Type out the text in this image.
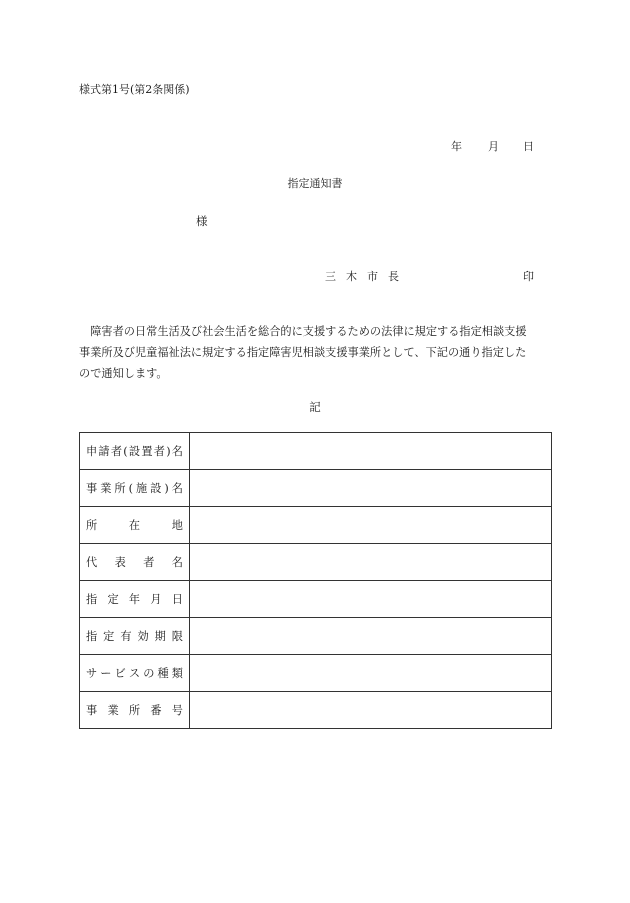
様式第1号(第2条関係)
年 月 日
指定通知書
様
三木市長	印
　障害者の日常生活及び社会生活を総合的に支援するための法律に規定する指定相談支援
事業所及び児童福祉法に規定する指定障害児相談支援事業所として、下記の通り指定した
ので通知します。
記
申請者(設置者)名	

事業所(施設)名	

所在地	

代表者名	

指定年月日	

指定有効期限	

サービスの種類	

事業所番号	
